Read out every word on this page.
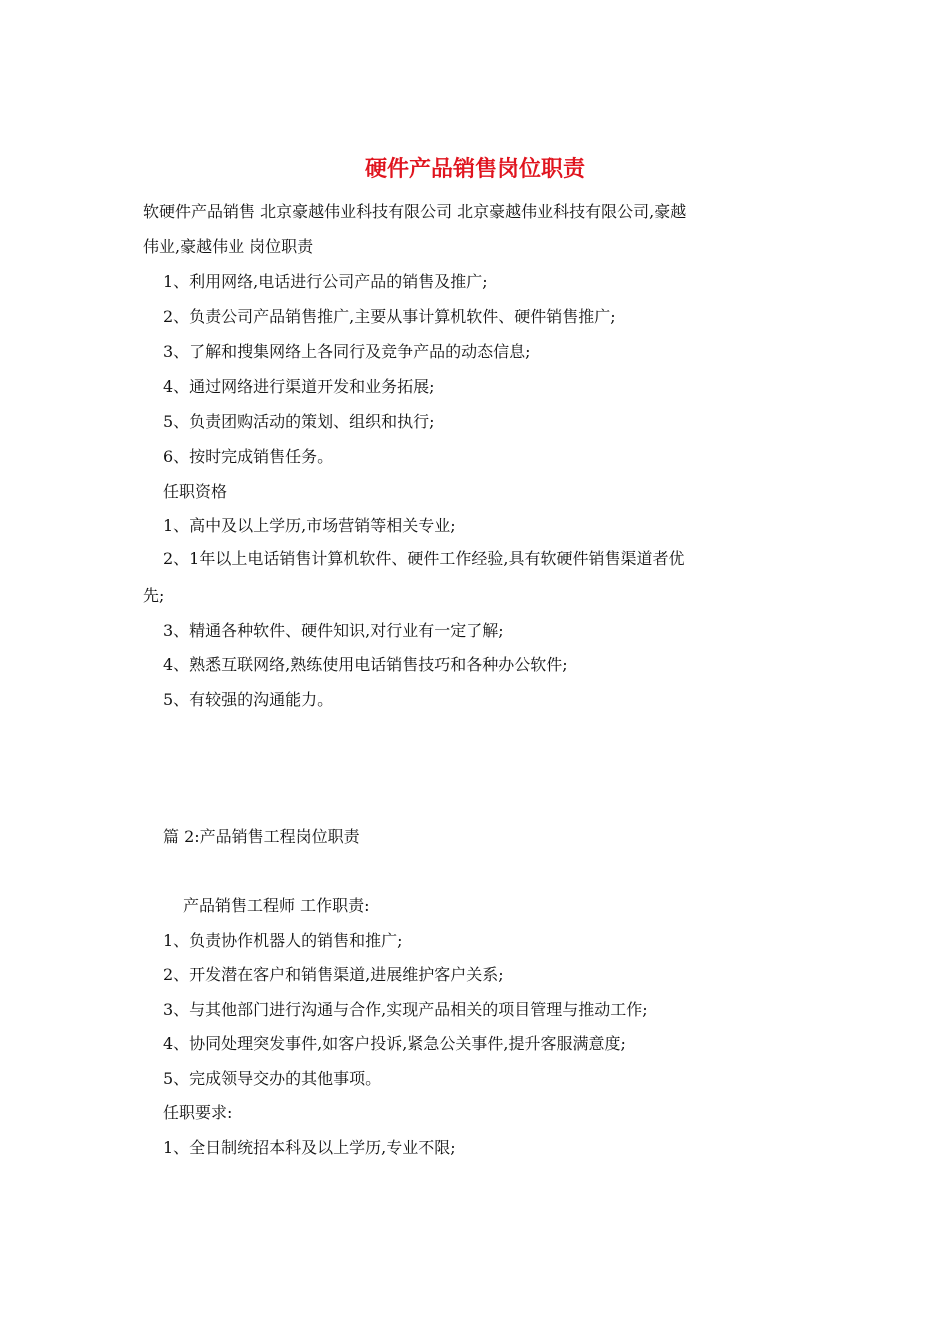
硬件产品销售岗位职责

软硬件产品销售 北京豪越伟业科技有限公司 北京豪越伟业科技有限公司,豪越

伟业,豪越伟业 岗位职责

1、利用网络,电话进行公司产品的销售及推广;

2、负责公司产品销售推广,主要从事计算机软件、硬件销售推广;

3、了解和搜集网络上各同行及竞争产品的动态信息;

4、通过网络进行渠道开发和业务拓展;

5、负责团购活动的策划、组织和执行;

6、按时完成销售任务。

任职资格

1、高中及以上学历,市场营销等相关专业;

2、1年以上电话销售计算机软件、硬件工作经验,具有软硬件销售渠道者优

先;

3、精通各种软件、硬件知识,对行业有一定了解;

4、熟悉互联网络,熟练使用电话销售技巧和各种办公软件;

5、有较强的沟通能力。

篇 2:产品销售工程岗位职责

产品销售工程师 工作职责:

1、负责协作机器人的销售和推广;

2、开发潜在客户和销售渠道,进展维护客户关系;

3、与其他部门进行沟通与合作,实现产品相关的项目管理与推动工作;

4、协同处理突发事件,如客户投诉,紧急公关事件,提升客服满意度;

5、完成领导交办的其他事项。

任职要求:

1、全日制统招本科及以上学历,专业不限;
